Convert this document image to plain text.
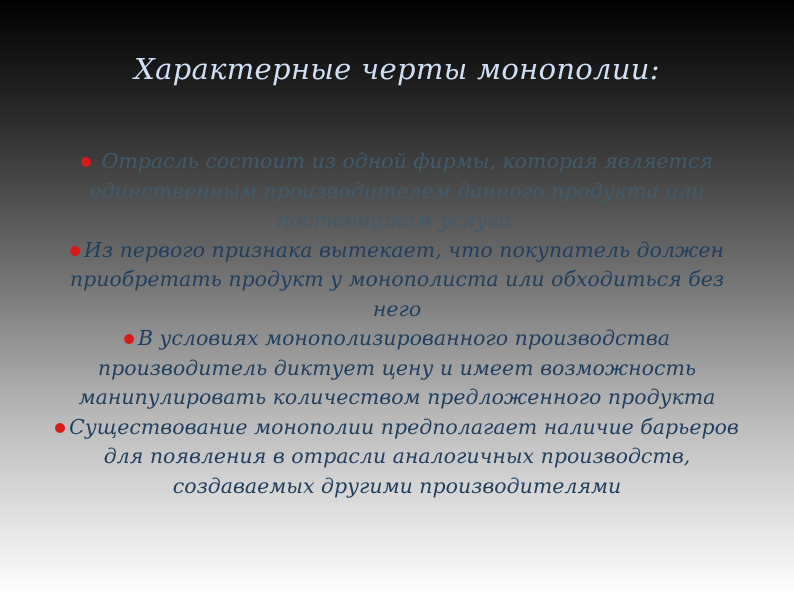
Характерные черты монополии:

Отрасль состоит из одной фирмы, которая является единственным производителем данного продукта или поставщиком услуги.

Из первого признака вытекает, что покупатель должен приобретать продукт у монополиста или обходиться без него

В условиях монополизированного производства производитель диктует цену и имеет возможность манипулировать количеством предложенного продукта

Существование монополии предполагает наличие барьеров для появления в отрасли аналогичных производств, создаваемых другими производителями
